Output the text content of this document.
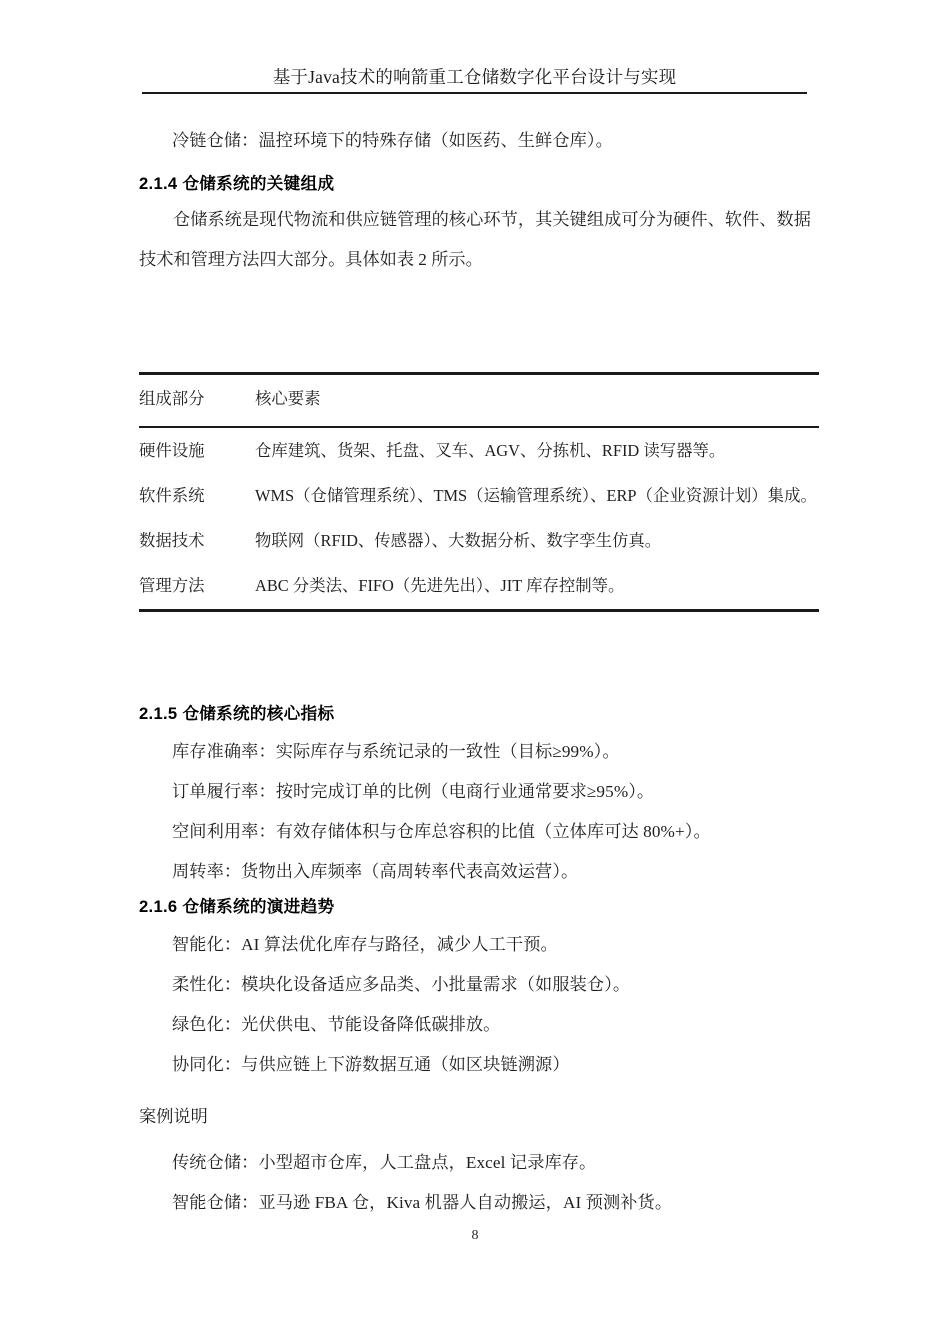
基于Java技术的响箭重工仓储数字化平台设计与实现
冷链仓储：温控环境下的特殊存储（如医药、生鲜仓库）。
2.1.4 仓储系统的关键组成
仓储系统是现代物流和供应链管理的核心环节，其关键组成可分为硬件、软件、数据技术和管理方法四大部分。具体如表 2 所示。
组成部分	核心要素
硬件设施	仓库建筑、货架、托盘、叉车、AGV、分拣机、RFID 读写器等。
软件系统	WMS（仓储管理系统）、TMS（运输管理系统）、ERP（企业资源计划）集成。
数据技术	物联网（RFID、传感器）、大数据分析、数字孪生仿真。
管理方法	ABC 分类法、FIFO（先进先出）、JIT 库存控制等。
2.1.5 仓储系统的核心指标
库存准确率：实际库存与系统记录的一致性（目标≥99%）。
订单履行率：按时完成订单的比例（电商行业通常要求≥95%）。
空间利用率：有效存储体积与仓库总容积的比值（立体库可达 80%+）。
周转率：货物出入库频率（高周转率代表高效运营）。
2.1.6 仓储系统的演进趋势
智能化：AI 算法优化库存与路径，减少人工干预。
柔性化：模块化设备适应多品类、小批量需求（如服装仓）。
绿色化：光伏供电、节能设备降低碳排放。
协同化：与供应链上下游数据互通（如区块链溯源）
案例说明
传统仓储：小型超市仓库，人工盘点，Excel 记录库存。
智能仓储：亚马逊 FBA 仓，Kiva 机器人自动搬运，AI 预测补货。
8
